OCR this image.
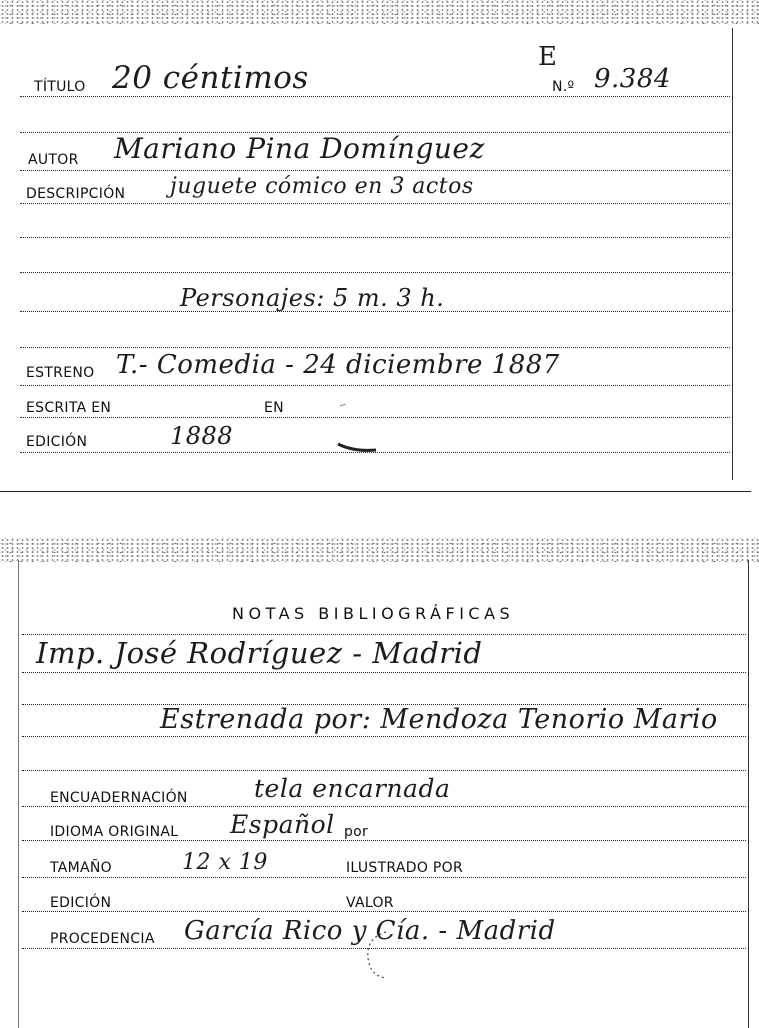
TÍTULO 20 céntimos
E
N.º 9.384
AUTOR Mariano Pina Domínguez
DESCRIPCIÓN juguete cómico en 3 actos
Personajes: 5 m. 3 h.
ESTRENO T.- Comedia - 24 diciembre 1887
ESCRITA EN	EN
EDICIÓN	1888
NOTAS BIBLIOGRÁFICAS
Imp. José Rodríguez - Madrid
Estrenada por: Mendoza Tenorio Mario
ENCUADERNACIÓN	tela encarnada
IDIOMA ORIGINAL Español por
TAMAÑO	12 x 19	ILUSTRADO POR
EDICIÓN	VALOR
PROCEDENCIA García Rico y Cía. - Madrid
